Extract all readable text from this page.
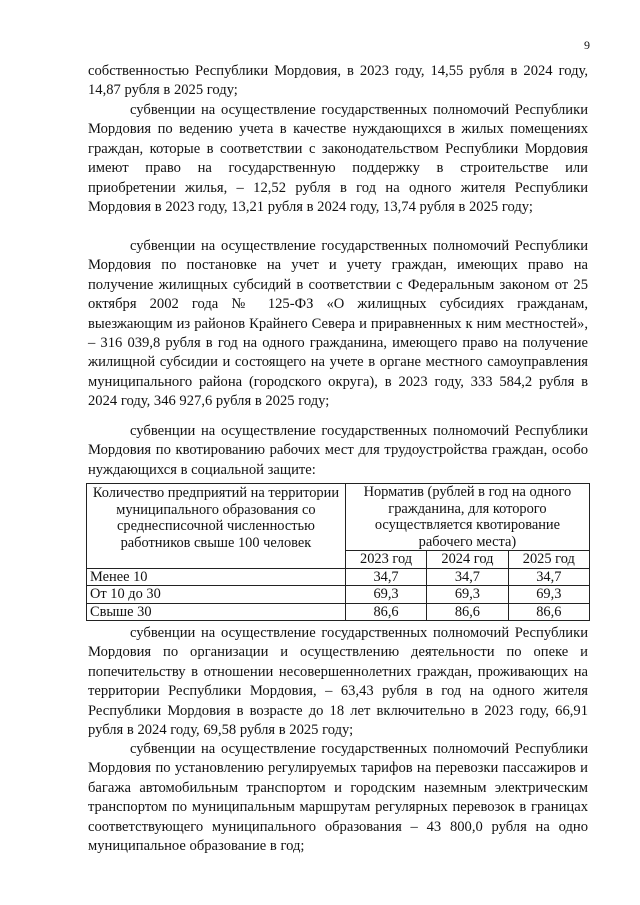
9

собственностью Республики Мордовия, в 2023 году, 14,55 рубля в 2024 году, 14,87 рубля в 2025 году;

субвенции на осуществление государственных полномочий Республики Мордовия по ведению учета в качестве нуждающихся в жилых помещениях граждан, которые в соответствии с законодательством Республики Мордовия имеют право на государственную поддержку в строительстве или приобретении жилья, – 12,52 рубля в год на одного жителя Республики Мордовия в 2023 году, 13,21 рубля в 2024 году, 13,74 рубля в 2025 году;

субвенции на осуществление государственных полномочий Республики Мордовия по постановке на учет и учету граждан, имеющих право на получение жилищных субсидий в соответствии с Федеральным законом от 25 октября 2002 года № 125-ФЗ «О жилищных субсидиях гражданам, выезжающим из районов Крайнего Севера и приравненных к ним местностей», – 316 039,8 рубля в год на одного гражданина, имеющего право на получение жилищной субсидии и состоящего на учете в органе местного самоуправления муниципального района (городского округа), в 2023 году, 333 584,2 рубля в 2024 году, 346 927,6 рубля в 2025 году;

субвенции на осуществление государственных полномочий Республики Мордовия по квотированию рабочих мест для трудоустройства граждан, особо нуждающихся в социальной защите:

Количество предприятий на территории муниципального образования со среднесписочной численностью работников свыше 100 человек	Норматив (рублей в год на одного гражданина, для которого осуществляется квотирование рабочего места)		
	2023 год	2024 год	2025 год
Менее 10	34,7	34,7	34,7
От 10 до 30	69,3	69,3	69,3
Свыше 30	86,6	86,6	86,6

субвенции на осуществление государственных полномочий Республики Мордовия по организации и осуществлению деятельности по опеке и попечительству в отношении несовершеннолетних граждан, проживающих на территории Республики Мордовия, – 63,43 рубля в год на одного жителя Республики Мордовия в возрасте до 18 лет включительно в 2023 году, 66,91 рубля в 2024 году, 69,58 рубля в 2025 году;

субвенции на осуществление государственных полномочий Республики Мордовия по установлению регулируемых тарифов на перевозки пассажиров и багажа автомобильным транспортом и городским наземным электрическим транспортом по муниципальным маршрутам регулярных перевозок в границах соответствующего муниципального образования – 43 800,0 рубля на одно муниципальное образование в год;
